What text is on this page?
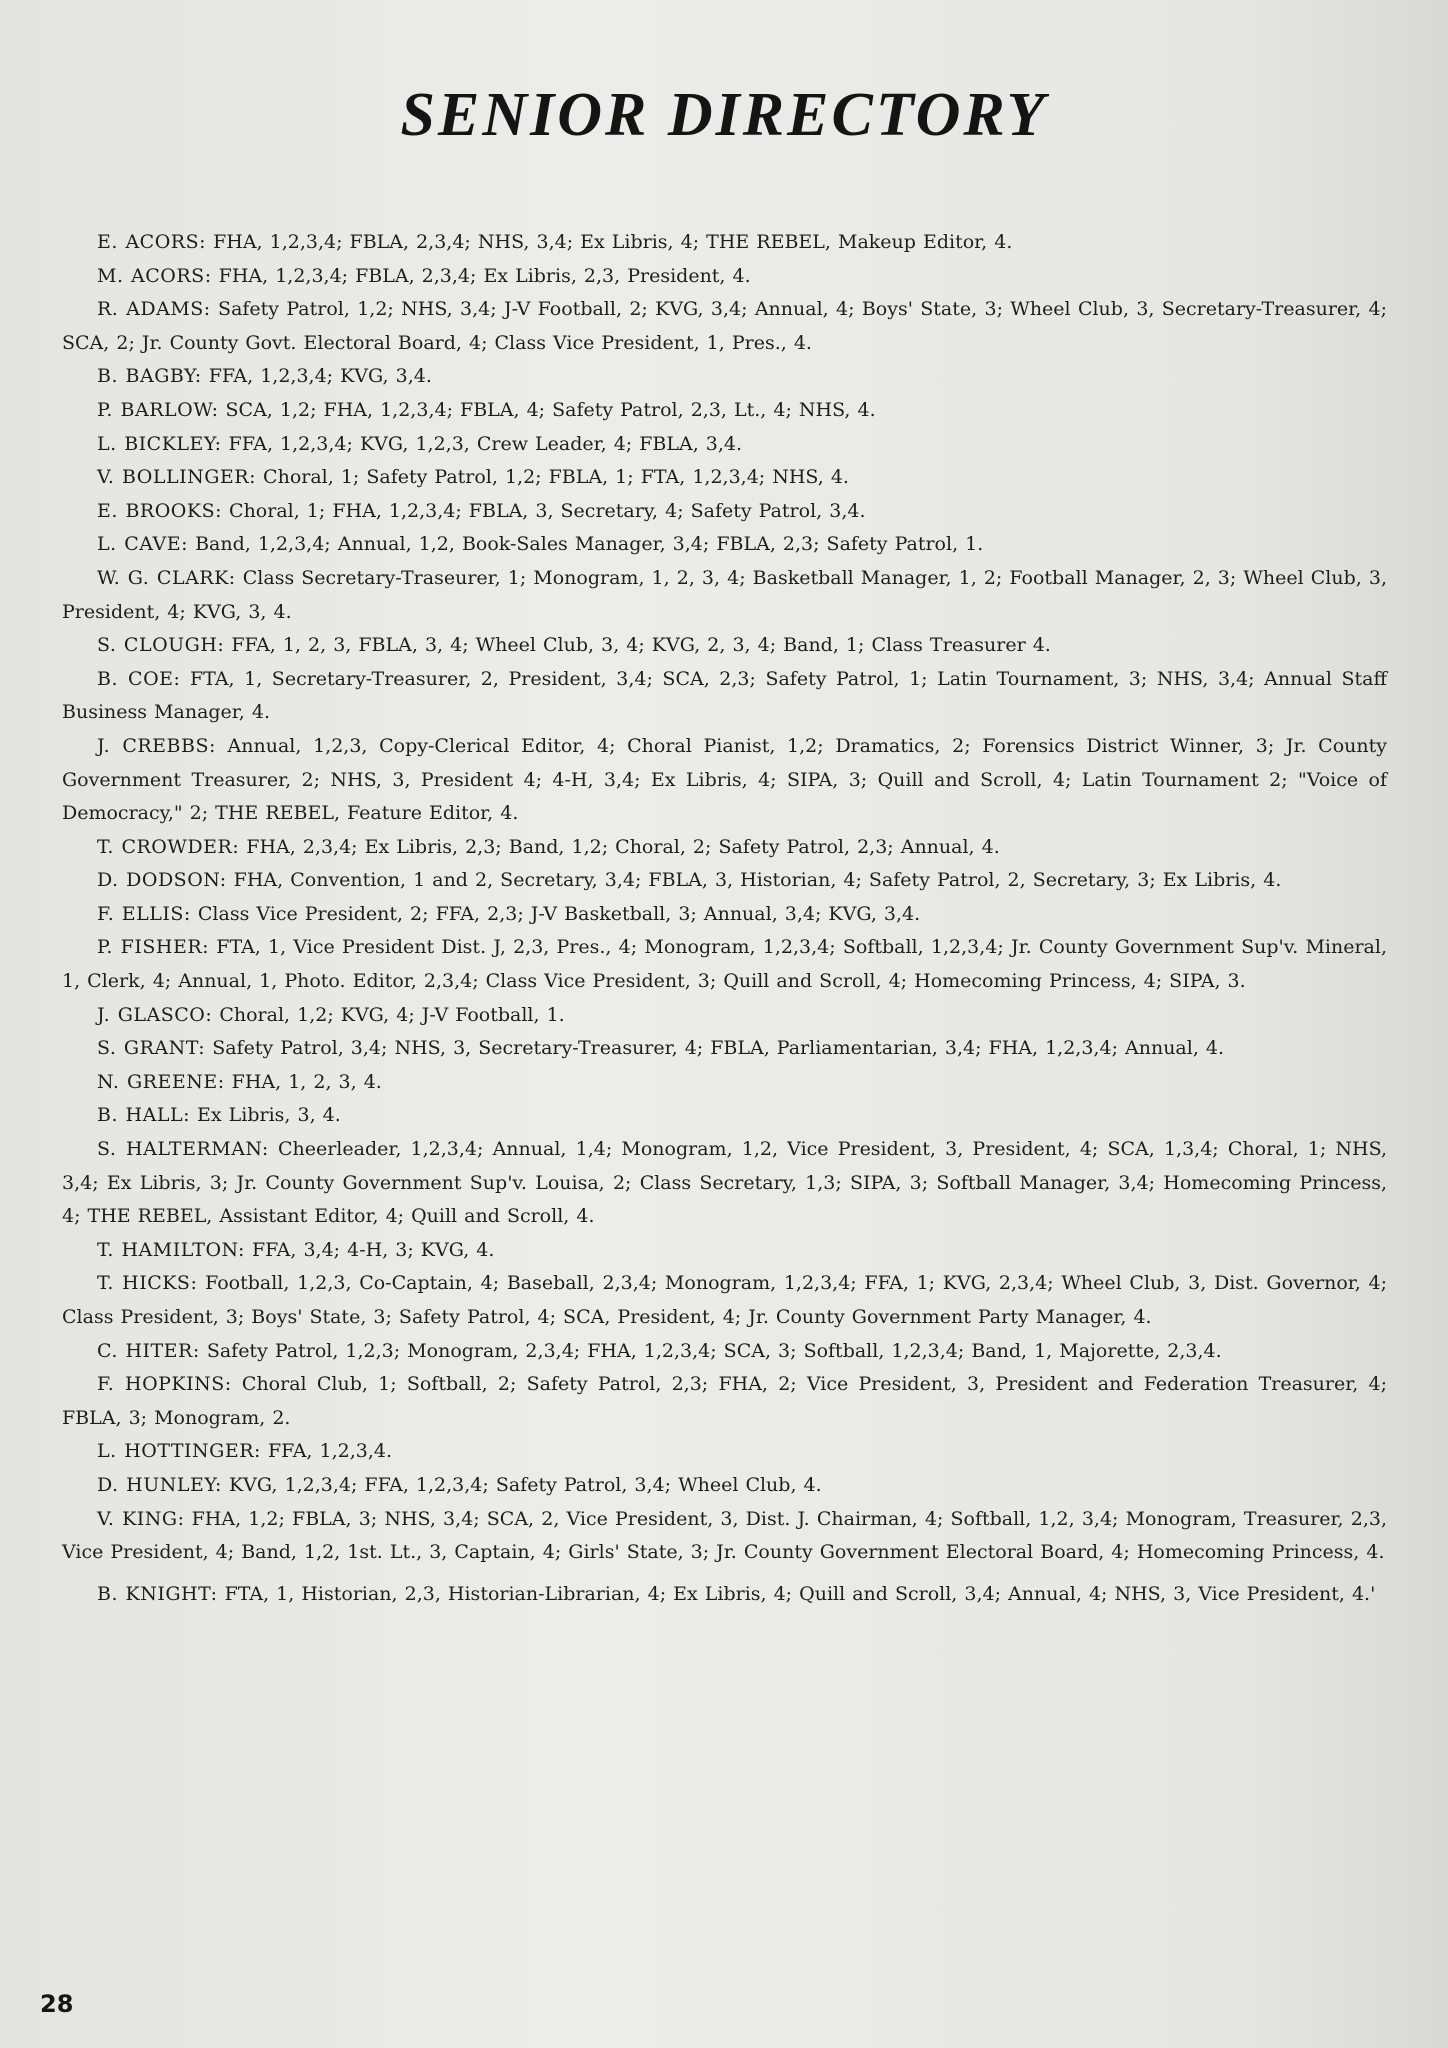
SENIOR DIRECTORY

E. ACORS: FHA, 1,2,3,4; FBLA, 2,3,4; NHS, 3,4; Ex Libris, 4; THE REBEL, Makeup Editor, 4.

M. ACORS: FHA, 1,2,3,4; FBLA, 2,3,4; Ex Libris, 2,3, President, 4.

R. ADAMS: Safety Patrol, 1,2; NHS, 3,4; J-V Football, 2; KVG, 3,4; Annual, 4; Boys' State, 3; Wheel Club, 3, Secretary-Treasurer, 4; SCA, 2; Jr. County Govt. Electoral Board, 4; Class Vice President, 1, Pres., 4.

B. BAGBY: FFA, 1,2,3,4; KVG, 3,4.

P. BARLOW: SCA, 1,2; FHA, 1,2,3,4; FBLA, 4; Safety Patrol, 2,3, Lt., 4; NHS, 4.

L. BICKLEY: FFA, 1,2,3,4; KVG, 1,2,3, Crew Leader, 4; FBLA, 3,4.

V. BOLLINGER: Choral, 1; Safety Patrol, 1,2; FBLA, 1; FTA, 1,2,3,4; NHS, 4.

E. BROOKS: Choral, 1; FHA, 1,2,3,4; FBLA, 3, Secretary, 4; Safety Patrol, 3,4.

L. CAVE: Band, 1,2,3,4; Annual, 1,2, Book-Sales Manager, 3,4; FBLA, 2,3; Safety Patrol, 1.

W. G. CLARK: Class Secretary-Traseurer, 1; Monogram, 1, 2, 3, 4; Basketball Manager, 1, 2; Football Manager, 2, 3; Wheel Club, 3, President, 4; KVG, 3, 4.

S. CLOUGH: FFA, 1, 2, 3, FBLA, 3, 4; Wheel Club, 3, 4; KVG, 2, 3, 4; Band, 1; Class Treasurer 4.

B. COE: FTA, 1, Secretary-Treasurer, 2, President, 3,4; SCA, 2,3; Safety Patrol, 1; Latin Tournament, 3; NHS, 3,4; Annual Staff Business Manager, 4.

J. CREBBS: Annual, 1,2,3, Copy-Clerical Editor, 4; Choral Pianist, 1,2; Dramatics, 2; Forensics District Winner, 3; Jr. County Government Treasurer, 2; NHS, 3, President 4; 4-H, 3,4; Ex Libris, 4; SIPA, 3; Quill and Scroll, 4; Latin Tournament 2; "Voice of Democracy," 2; THE REBEL, Feature Editor, 4.

T. CROWDER: FHA, 2,3,4; Ex Libris, 2,3; Band, 1,2; Choral, 2; Safety Patrol, 2,3; Annual, 4.

D. DODSON: FHA, Convention, 1 and 2, Secretary, 3,4; FBLA, 3, Historian, 4; Safety Patrol, 2, Secretary, 3; Ex Libris, 4.

F. ELLIS: Class Vice President, 2; FFA, 2,3; J-V Basketball, 3; Annual, 3,4; KVG, 3,4.

P. FISHER: FTA, 1, Vice President Dist. J, 2,3, Pres., 4; Monogram, 1,2,3,4; Softball, 1,2,3,4; Jr. County Government Sup'v. Mineral, 1, Clerk, 4; Annual, 1, Photo. Editor, 2,3,4; Class Vice President, 3; Quill and Scroll, 4; Homecoming Princess, 4; SIPA, 3.

J. GLASCO: Choral, 1,2; KVG, 4; J-V Football, 1.

S. GRANT: Safety Patrol, 3,4; NHS, 3, Secretary-Treasurer, 4; FBLA, Parliamentarian, 3,4; FHA, 1,2,3,4; Annual, 4.

N. GREENE: FHA, 1, 2, 3, 4.

B. HALL: Ex Libris, 3, 4.

S. HALTERMAN: Cheerleader, 1,2,3,4; Annual, 1,4; Monogram, 1,2, Vice President, 3, President, 4; SCA, 1,3,4; Choral, 1; NHS, 3,4; Ex Libris, 3; Jr. County Government Sup'v. Louisa, 2; Class Secretary, 1,3; SIPA, 3; Softball Manager, 3,4; Homecoming Princess, 4; THE REBEL, Assistant Editor, 4; Quill and Scroll, 4.

T. HAMILTON: FFA, 3,4; 4-H, 3; KVG, 4.

T. HICKS: Football, 1,2,3, Co-Captain, 4; Baseball, 2,3,4; Monogram, 1,2,3,4; FFA, 1; KVG, 2,3,4; Wheel Club, 3, Dist. Governor, 4; Class President, 3; Boys' State, 3; Safety Patrol, 4; SCA, President, 4; Jr. County Government Party Manager, 4.

C. HITER: Safety Patrol, 1,2,3; Monogram, 2,3,4; FHA, 1,2,3,4; SCA, 3; Softball, 1,2,3,4; Band, 1, Majorette, 2,3,4.

F. HOPKINS: Choral Club, 1; Softball, 2; Safety Patrol, 2,3; FHA, 2; Vice President, 3, President and Federation Treasurer, 4; FBLA, 3; Monogram, 2.

L. HOTTINGER: FFA, 1,2,3,4.

D. HUNLEY: KVG, 1,2,3,4; FFA, 1,2,3,4; Safety Patrol, 3,4; Wheel Club, 4.

V. KING: FHA, 1,2; FBLA, 3; NHS, 3,4; SCA, 2, Vice President, 3, Dist. J. Chairman, 4; Softball, 1,2, 3,4; Monogram, Treasurer, 2,3, Vice President, 4; Band, 1,2, 1st. Lt., 3, Captain, 4; Girls' State, 3; Jr. County Government Electoral Board, 4; Homecoming Princess, 4.

B. KNIGHT: FTA, 1, Historian, 2,3, Historian-Librarian, 4; Ex Libris, 4; Quill and Scroll, 3,4; Annual, 4; NHS, 3, Vice President, 4.'

28
